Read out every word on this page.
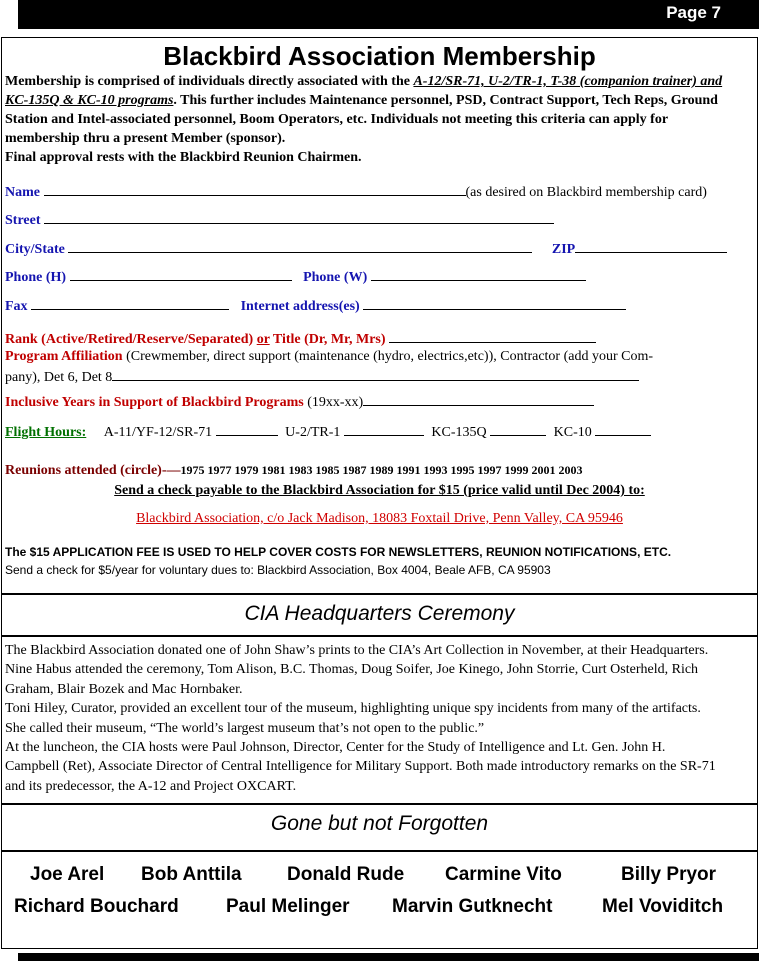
Page 7
Blackbird Association Membership
Membership is comprised of individuals directly associated with the A-12/SR-71, U-2/TR-1, T-38 (companion trainer) and KC-135Q & KC-10 programs. This further includes Maintenance personnel, PSD, Contract Support, Tech Reps, Ground Station and Intel-associated personnel, Boom Operators, etc. Individuals not meeting this criteria can apply for membership thru a present Member (sponsor).
Final approval rests with the Blackbird Reunion Chairmen.
Name	(as desired on Blackbird membership card)
Street
City/State	ZIP
Phone (H)	Phone (W)
Fax	Internet address(es)
Rank (Active/Retired/Reserve/Separated) or Title (Dr, Mr, Mrs)
Program Affiliation (Crewmember, direct support (maintenance (hydro, electrics,etc)), Contractor (add your Com-
pany), Det 6, Det 8
Inclusive Years in Support of Blackbird Programs (19xx-xx)
Flight Hours: A-11/YF-12/SR-71	U-2/TR-1	KC-135Q	KC-10
Reunions attended (circle)-—1975 1977 1979 1981 1983 1985 1987 1989 1991 1993 1995 1997 1999 2001 2003
Send a check payable to the Blackbird Association for $15 (price valid until Dec 2004) to:
Blackbird Association, c/o Jack Madison, 18083 Foxtail Drive, Penn Valley, CA 95946
The $15 APPLICATION FEE IS USED TO HELP COVER COSTS FOR NEWSLETTERS, REUNION NOTIFICATIONS, ETC.
Send a check for $5/year for voluntary dues to: Blackbird Association, Box 4004, Beale AFB, CA 95903
CIA Headquarters Ceremony
The Blackbird Association donated one of John Shaw’s prints to the CIA’s Art Collection in November, at their Headquarters. Nine Habus attended the ceremony, Tom Alison, B.C. Thomas, Doug Soifer, Joe Kinego, John Storrie, Curt Osterheld, Rich Graham, Blair Bozek and Mac Hornbaker.
Toni Hiley, Curator, provided an excellent tour of the museum, highlighting unique spy incidents from many of the artifacts. She called their museum, “The world’s largest museum that’s not open to the public.”
At the luncheon, the CIA hosts were Paul Johnson, Director, Center for the Study of Intelligence and Lt. Gen. John H. Campbell (Ret), Associate Director of Central Intelligence for Military Support. Both made introductory remarks on the SR-71 and its predecessor, the A-12 and Project OXCART.
Gone but not Forgotten
Joe Arel Bob Anttila Donald Rude Carmine Vito	Billy Pryor
Richard Bouchard Paul Melinger Marvin Gutknecht	Mel Voviditch
